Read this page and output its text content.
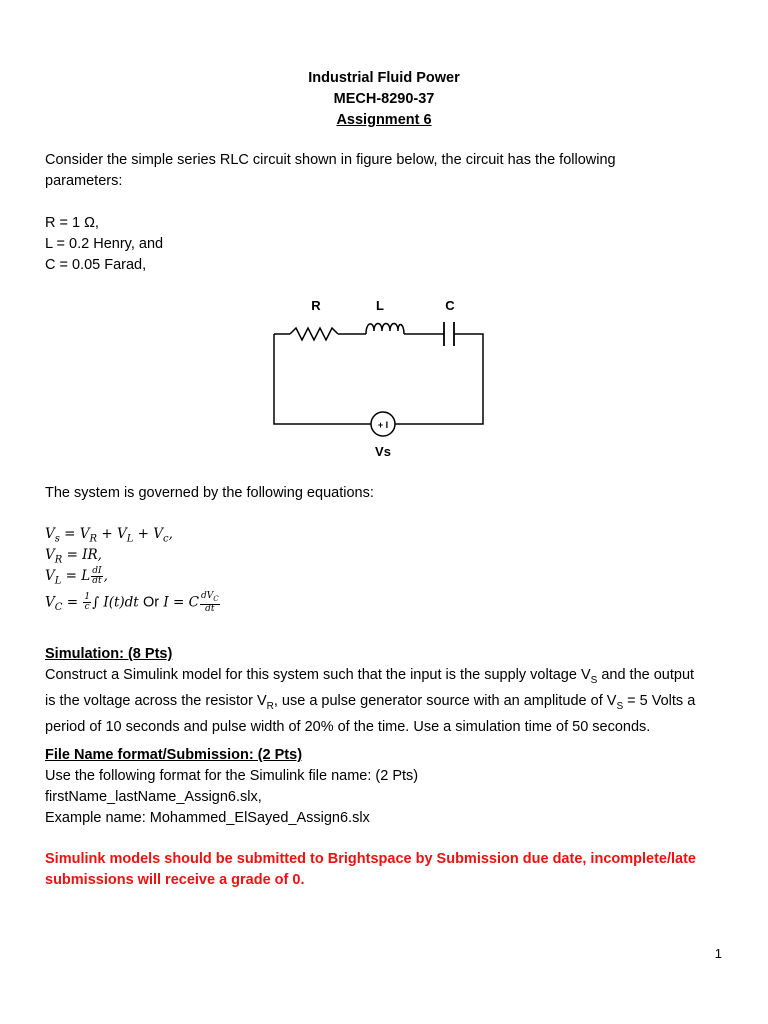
Industrial Fluid Power
MECH-8290-37
Assignment 6

Consider the simple series RLC circuit shown in figure below, the circuit has the following

parameters:

R = 1 Ω,

L = 0.2 Henry, and

C = 0.05 Farad,

R	L	C
+ I
Vs

The system is governed by the following equations:

$V_s = V_R + V_L + V_c$,
$V_R$ = IR,
$V_L = L \frac{dI}{dt}$ ,
$V_C = \frac{1}{c}$ ∫ I(t)dt Or I = C $\frac{dV_C}{dt}$

Simulation: (8 Pts)

Construct a Simulink model for this system such that the input is the supply voltage $V_S$ and the output

is the voltage across the resistor $V_R$, use a pulse generator source with an amplitude of $V_S = 5$ Volts a

period of 10 seconds and pulse width of 20% of the time. Use a simulation time of 50 seconds.

File Name format/Submission: (2 Pts)

Use the following format for the Simulink file name: (2 Pts)

firstName_lastName_Assign6.slx,

Example name: Mohammed_ElSayed_Assign6.slx

Simulink models should be submitted to Brightspace by Submission due date, incomplete/late

submissions will receive a grade of 0.

1
